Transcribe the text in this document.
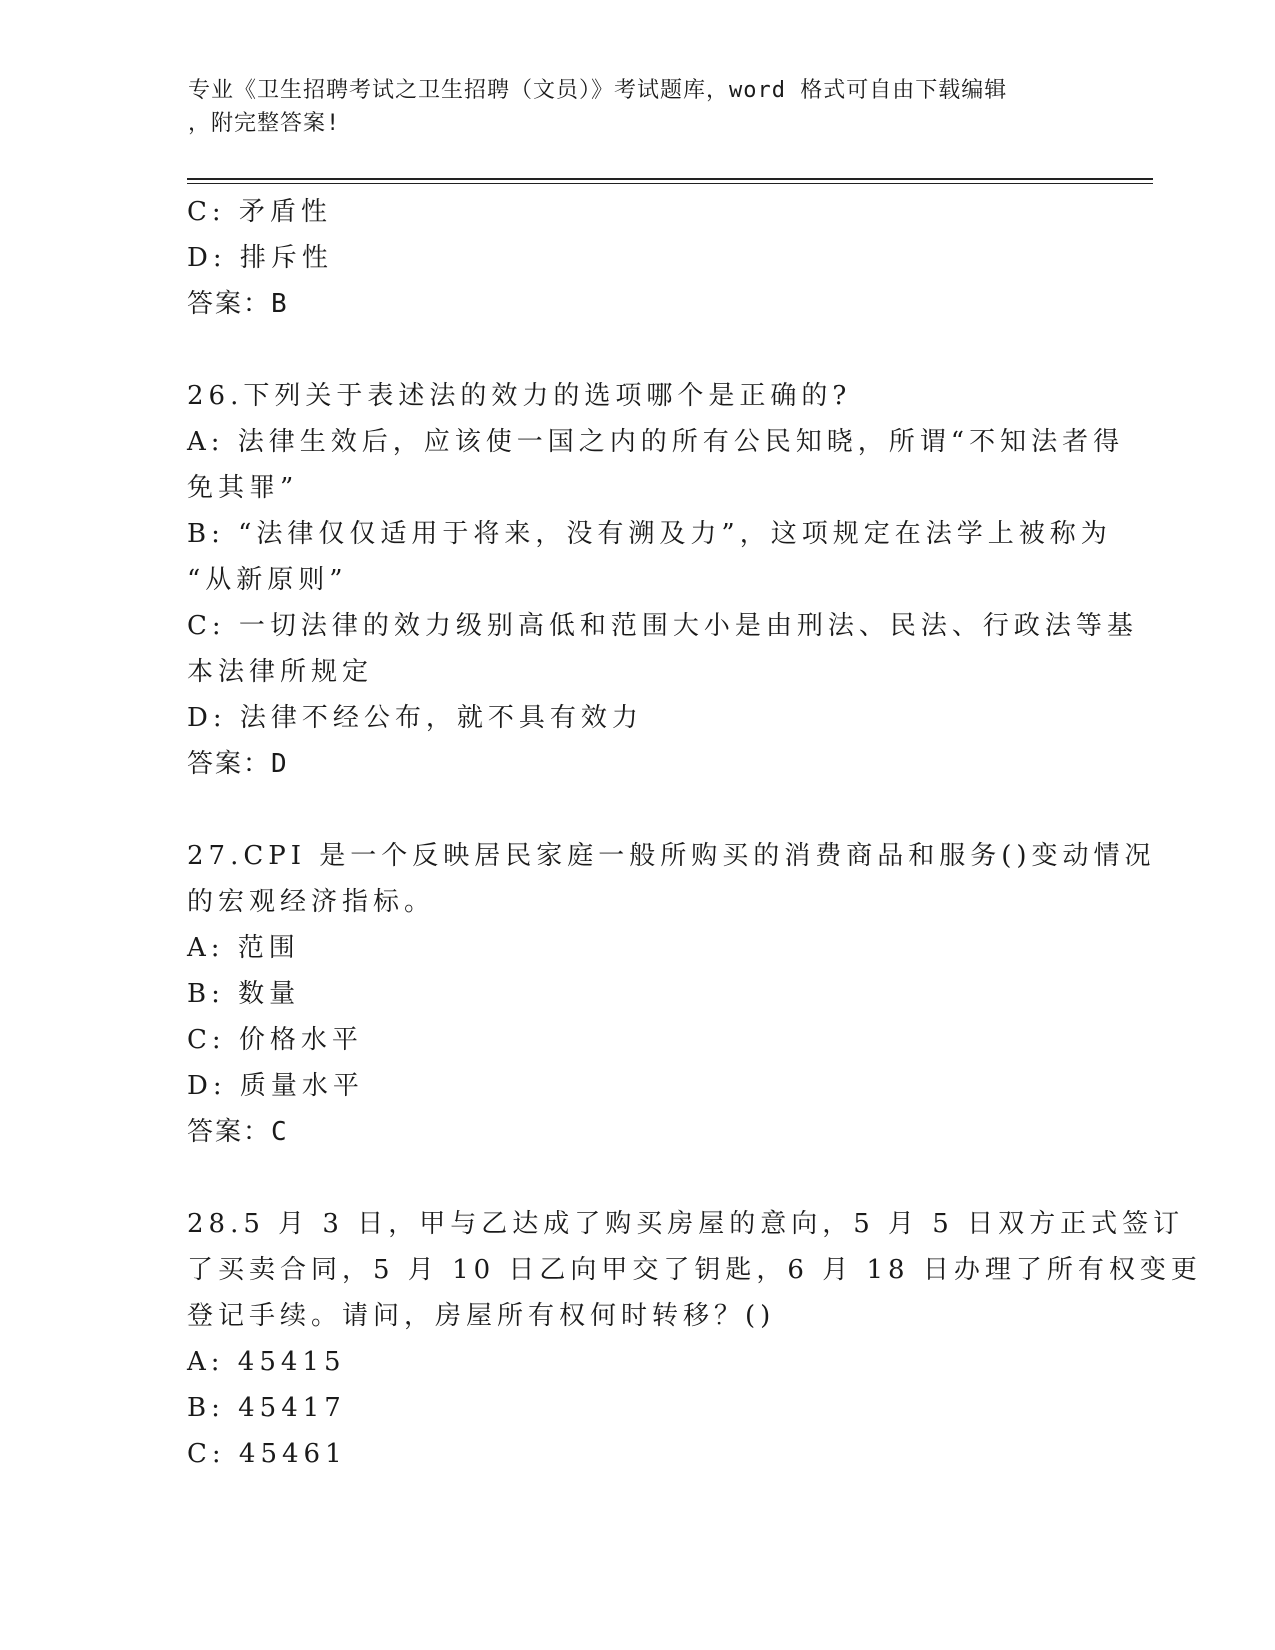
专业《卫生招聘考试之卫生招聘（文员）》考试题库，word 格式可自由下载编辑
，附完整答案!
C: 矛盾性
D: 排斥性
答案：B
26.下列关于表述法的效力的选项哪个是正确的?
A: 法律生效后，应该使一国之内的所有公民知晓，所谓“不知法者得
免其罪”
B: “法律仅仅适用于将来，没有溯及力”，这项规定在法学上被称为
“从新原则”
C: 一切法律的效力级别高低和范围大小是由刑法、民法、行政法等基
本法律所规定
D: 法律不经公布，就不具有效力
答案：D
27.CPI 是一个反映居民家庭一般所购买的消费商品和服务()变动情况
的宏观经济指标。
A: 范围
B: 数量
C: 价格水平
D: 质量水平
答案：C
28.5 月 3 日，甲与乙达成了购买房屋的意向，5 月 5 日双方正式签订
了买卖合同，5 月 10 日乙向甲交了钥匙，6 月 18 日办理了所有权变更
登记手续。请问，房屋所有权何时转移？()
A: 45415
B: 45417
C: 45461
